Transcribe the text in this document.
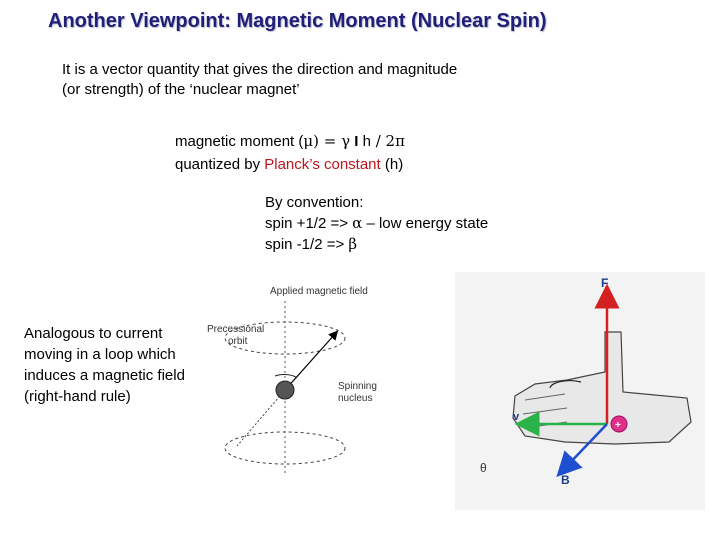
Another Viewpoint: Magnetic Moment (Nuclear Spin)
It is a vector quantity that gives the direction and magnitude
(or strength) of the ‘nuclear magnet’
magnetic moment (μ) = γ I h / 2π
quantized by Planck’s constant (h)
By convention:
spin +1/2 => α – low energy state
spin -1/2 => β
Analogous to current moving in a loop which induces a magnetic field (right-hand rule)
Applied magnetic field
Precessional
orbit
Spinning
nucleus
F
v
B
+
θ
